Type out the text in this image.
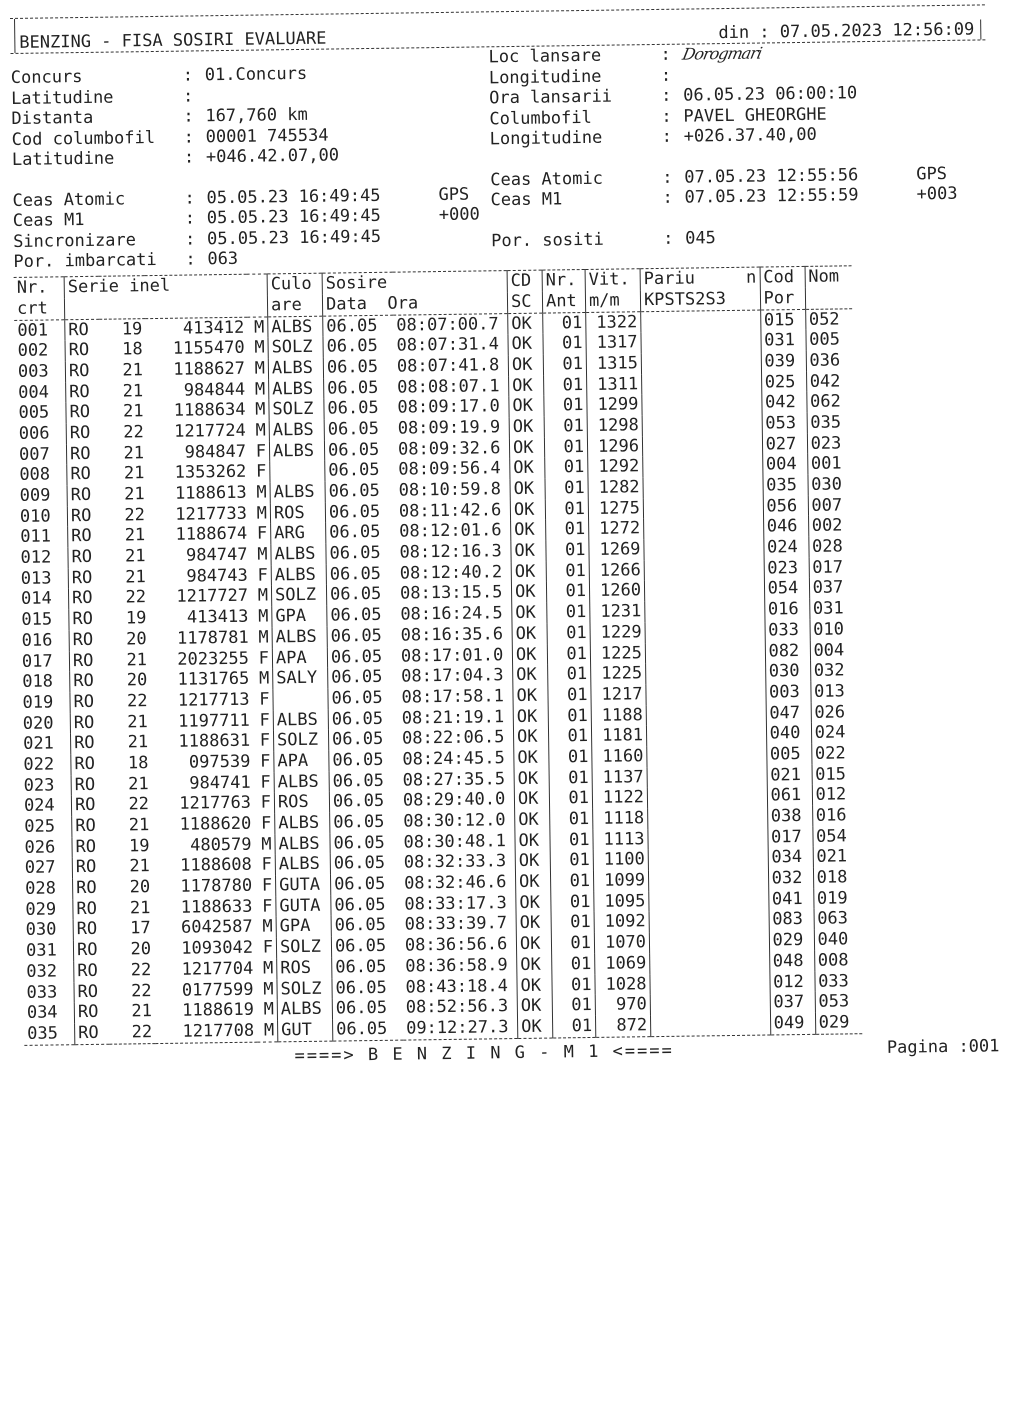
BENZING - FISA SOSIRI EVALUARE	din : 07.05.2023 12:56:09
Concurs	: 01.Concurs
Latitudine	:
Distanta	: 167,760 km
Cod columbofil	: 00001 745534
Latitudine	: +046.42.07,00
Loc lansare	: Dorogmari
Longitudine	:
Ora lansarii	: 06.05.23 06:00:10
Columbofil	: PAVEL GHEORGHE
Longitudine	: +026.37.40,00
Ceas Atomic	: 05.05.23 16:49:45	GPS
Ceas M1	: 05.05.23 16:49:45	+000
Sincronizare	: 05.05.23 16:49:45
Por. imbarcati	: 063
Ceas Atomic	: 07.05.23 12:55:56	GPS
Ceas M1	: 07.05.23 12:55:59	+003
Por. sositi	: 045
Nr.	Serie inel				Culo	Sosire		CD	Nr.	Vit.	Pariu     n	Cod	Nom
crt					are	Data  Ora		SC	Ant	m/m	KPSTS2S3	Por	
001	RO	19	413412	M	ALBS	06.05	08:07:00.7	OK	01	1322		015	052
002	RO	18	1155470	M	SOLZ	06.05	08:07:31.4	OK	01	1317		031	005
003	RO	21	1188627	M	ALBS	06.05	08:07:41.8	OK	01	1315		039	036
004	RO	21	984844	M	ALBS	06.05	08:08:07.1	OK	01	1311		025	042
005	RO	21	1188634	M	SOLZ	06.05	08:09:17.0	OK	01	1299		042	062
006	RO	22	1217724	M	ALBS	06.05	08:09:19.9	OK	01	1298		053	035
007	RO	21	984847	F	ALBS	06.05	08:09:32.6	OK	01	1296		027	023
008	RO	21	1353262	F		06.05	08:09:56.4	OK	01	1292		004	001
009	RO	21	1188613	M	ALBS	06.05	08:10:59.8	OK	01	1282		035	030
010	RO	22	1217733	M	ROS	06.05	08:11:42.6	OK	01	1275		056	007
011	RO	21	1188674	F	ARG	06.05	08:12:01.6	OK	01	1272		046	002
012	RO	21	984747	M	ALBS	06.05	08:12:16.3	OK	01	1269		024	028
013	RO	21	984743	F	ALBS	06.05	08:12:40.2	OK	01	1266		023	017
014	RO	22	1217727	M	SOLZ	06.05	08:13:15.5	OK	01	1260		054	037
015	RO	19	413413	M	GPA	06.05	08:16:24.5	OK	01	1231		016	031
016	RO	20	1178781	M	ALBS	06.05	08:16:35.6	OK	01	1229		033	010
017	RO	21	2023255	F	APA	06.05	08:17:01.0	OK	01	1225		082	004
018	RO	20	1131765	M	SALY	06.05	08:17:04.3	OK	01	1225		030	032
019	RO	22	1217713	F		06.05	08:17:58.1	OK	01	1217		003	013
020	RO	21	1197711	F	ALBS	06.05	08:21:19.1	OK	01	1188		047	026
021	RO	21	1188631	F	SOLZ	06.05	08:22:06.5	OK	01	1181		040	024
022	RO	18	097539	F	APA	06.05	08:24:45.5	OK	01	1160		005	022
023	RO	21	984741	F	ALBS	06.05	08:27:35.5	OK	01	1137		021	015
024	RO	22	1217763	F	ROS	06.05	08:29:40.0	OK	01	1122		061	012
025	RO	21	1188620	F	ALBS	06.05	08:30:12.0	OK	01	1118		038	016
026	RO	19	480579	M	ALBS	06.05	08:30:48.1	OK	01	1113		017	054
027	RO	21	1188608	F	ALBS	06.05	08:32:33.3	OK	01	1100		034	021
028	RO	20	1178780	F	GUTA	06.05	08:32:46.6	OK	01	1099		032	018
029	RO	21	1188633	F	GUTA	06.05	08:33:17.3	OK	01	1095		041	019
030	RO	17	6042587	M	GPA	06.05	08:33:39.7	OK	01	1092		083	063
031	RO	20	1093042	F	SOLZ	06.05	08:36:56.6	OK	01	1070		029	040
032	RO	22	1217704	M	ROS	06.05	08:36:58.9	OK	01	1069		048	008
033	RO	22	0177599	M	SOLZ	06.05	08:43:18.4	OK	01	1028		012	033
034	RO	21	1188619	M	ALBS	06.05	08:52:56.3	OK	01	970		037	053
035	RO	22	1217708	M	GUT	06.05	09:12:27.3	OK	01	872		049	029
====> B E N Z I N G - M 1 <====	Pagina :001
